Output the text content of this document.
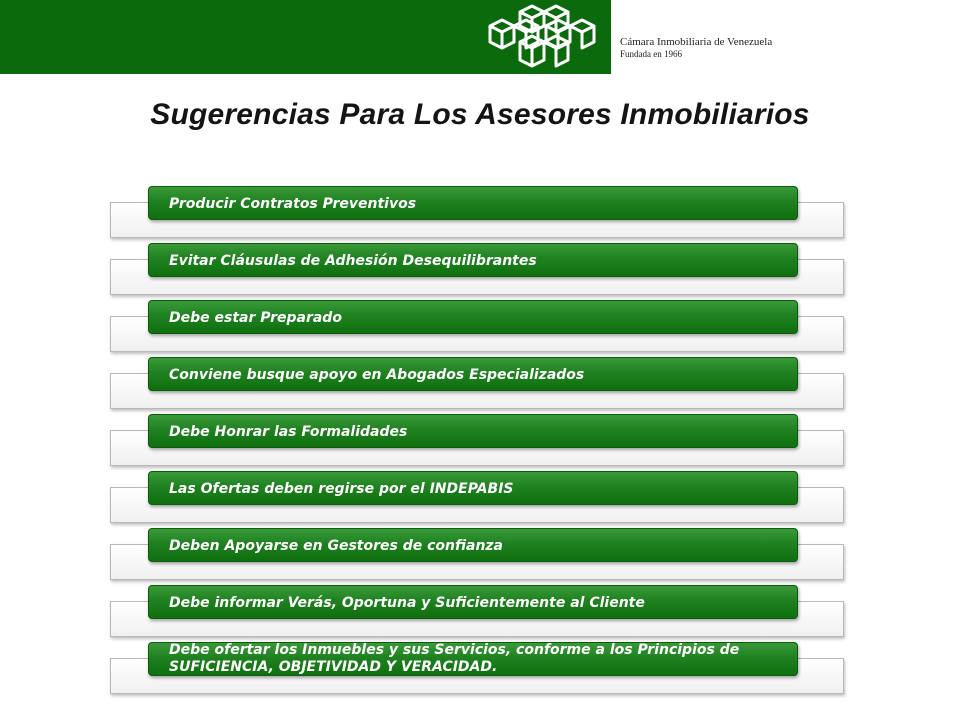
Cámara Inmobiliaria de Venezuela
Fundada en 1966
Sugerencias Para Los Asesores Inmobiliarios
Producir Contratos Preventivos
Evitar Cláusulas de Adhesión Desequilibrantes
Debe estar Preparado
Conviene busque apoyo en Abogados Especializados
Debe Honrar las Formalidades
Las Ofertas deben regirse por el INDEPABIS
Deben Apoyarse en Gestores de confianza
Debe informar Verás, Oportuna y Suficientemente al Cliente
Debe ofertar los Inmuebles y sus Servicios, conforme a los Principios de SUFICIENCIA, OBJETIVIDAD Y VERACIDAD.
